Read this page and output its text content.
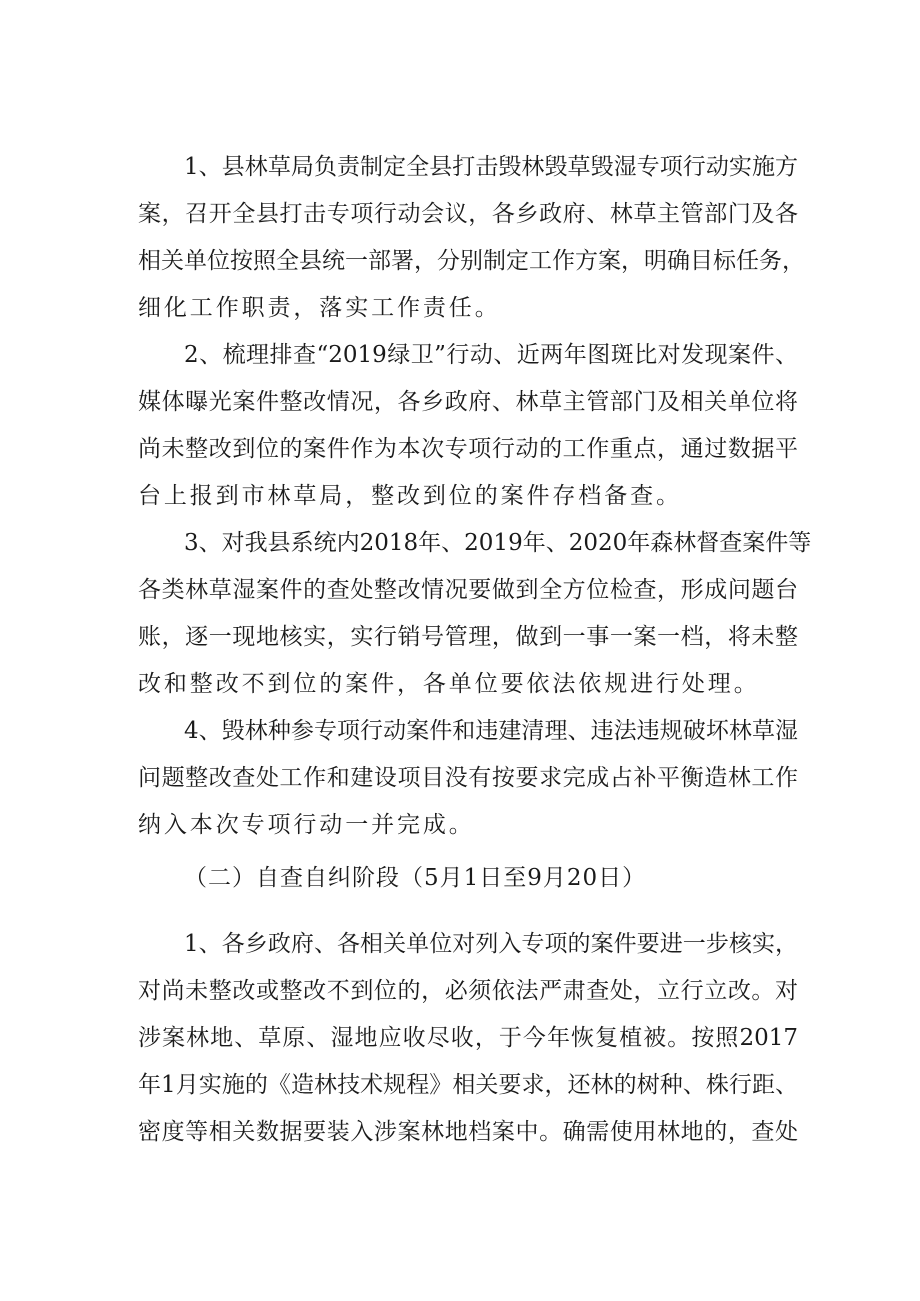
1、县林草局负责制定全县打击毁林毁草毁湿专项行动实施方
案，召开全县打击专项行动会议，各乡政府、林草主管部门及各
相关单位按照全县统一部署，分别制定工作方案，明确目标任务，
细化工作职责，落实工作责任。
2、梳理排查“2019绿卫”行动、近两年图斑比对发现案件、
媒体曝光案件整改情况，各乡政府、林草主管部门及相关单位将
尚未整改到位的案件作为本次专项行动的工作重点，通过数据平
台上报到市林草局，整改到位的案件存档备查。
3、对我县系统内2018年、2019年、2020年森林督查案件等
各类林草湿案件的查处整改情况要做到全方位检查，形成问题台
账，逐一现地核实，实行销号管理，做到一事一案一档，将未整
改和整改不到位的案件，各单位要依法依规进行处理。
4、毁林种参专项行动案件和违建清理、违法违规破坏林草湿
问题整改查处工作和建设项目没有按要求完成占补平衡造林工作
纳入本次专项行动一并完成。
（二）自查自纠阶段（5月1日至9月20日）
1、各乡政府、各相关单位对列入专项的案件要进一步核实，
对尚未整改或整改不到位的，必须依法严肃查处，立行立改。对
涉案林地、草原、湿地应收尽收，于今年恢复植被。按照2017
年1月实施的《造林技术规程》相关要求，还林的树种、株行距、
密度等相关数据要装入涉案林地档案中。确需使用林地的，查处
